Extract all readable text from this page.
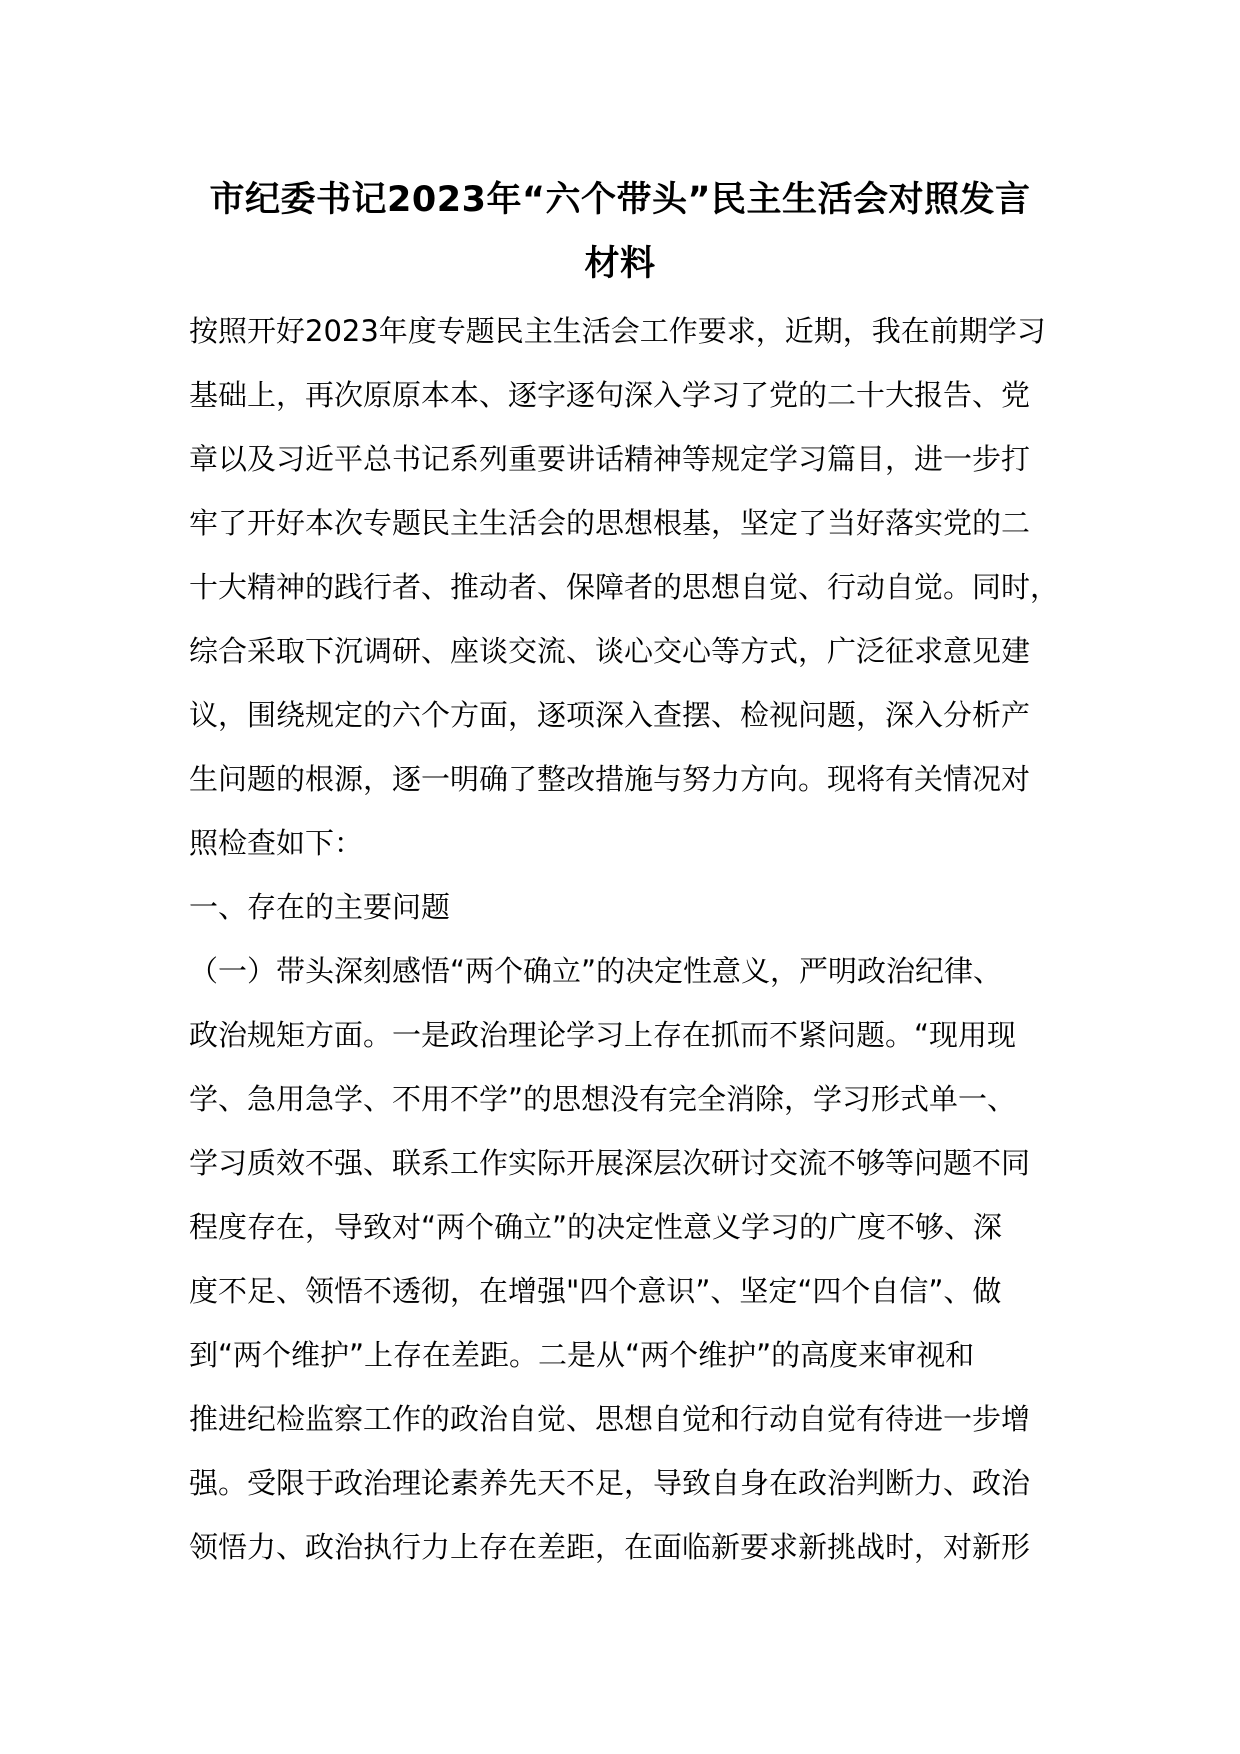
市纪委书记2023年“六个带头”民主生活会对照发言
材料
按照开好2023年度专题民主生活会工作要求，近期，我在前期学习
基础上，再次原原本本、逐字逐句深入学习了党的二十大报告、党
章以及习近平总书记系列重要讲话精神等规定学习篇目，进一步打
牢了开好本次专题民主生活会的思想根基，坚定了当好落实党的二
十大精神的践行者、推动者、保障者的思想自觉、行动自觉。同时，
综合采取下沉调研、座谈交流、谈心交心等方式，广泛征求意见建
议，围绕规定的六个方面，逐项深入查摆、检视问题，深入分析产
生问题的根源，逐一明确了整改措施与努力方向。现将有关情况对
照检查如下：
一、存在的主要问题
（一）带头深刻感悟“两个确立”的决定性意义，严明政治纪律、
政治规矩方面。一是政治理论学习上存在抓而不紧问题。“现用现
学、急用急学、不用不学”的思想没有完全消除，学习形式单一、
学习质效不强、联系工作实际开展深层次研讨交流不够等问题不同
程度存在，导致对“两个确立”的决定性意义学习的广度不够、深
度不足、领悟不透彻，在增强"四个意识”、坚定“四个自信”、做
到“两个维护”上存在差距。二是从“两个维护”的高度来审视和
推进纪检监察工作的政治自觉、思想自觉和行动自觉有待进一步增
强。受限于政治理论素养先天不足，导致自身在政治判断力、政治
领悟力、政治执行力上存在差距，在面临新要求新挑战时，对新形
